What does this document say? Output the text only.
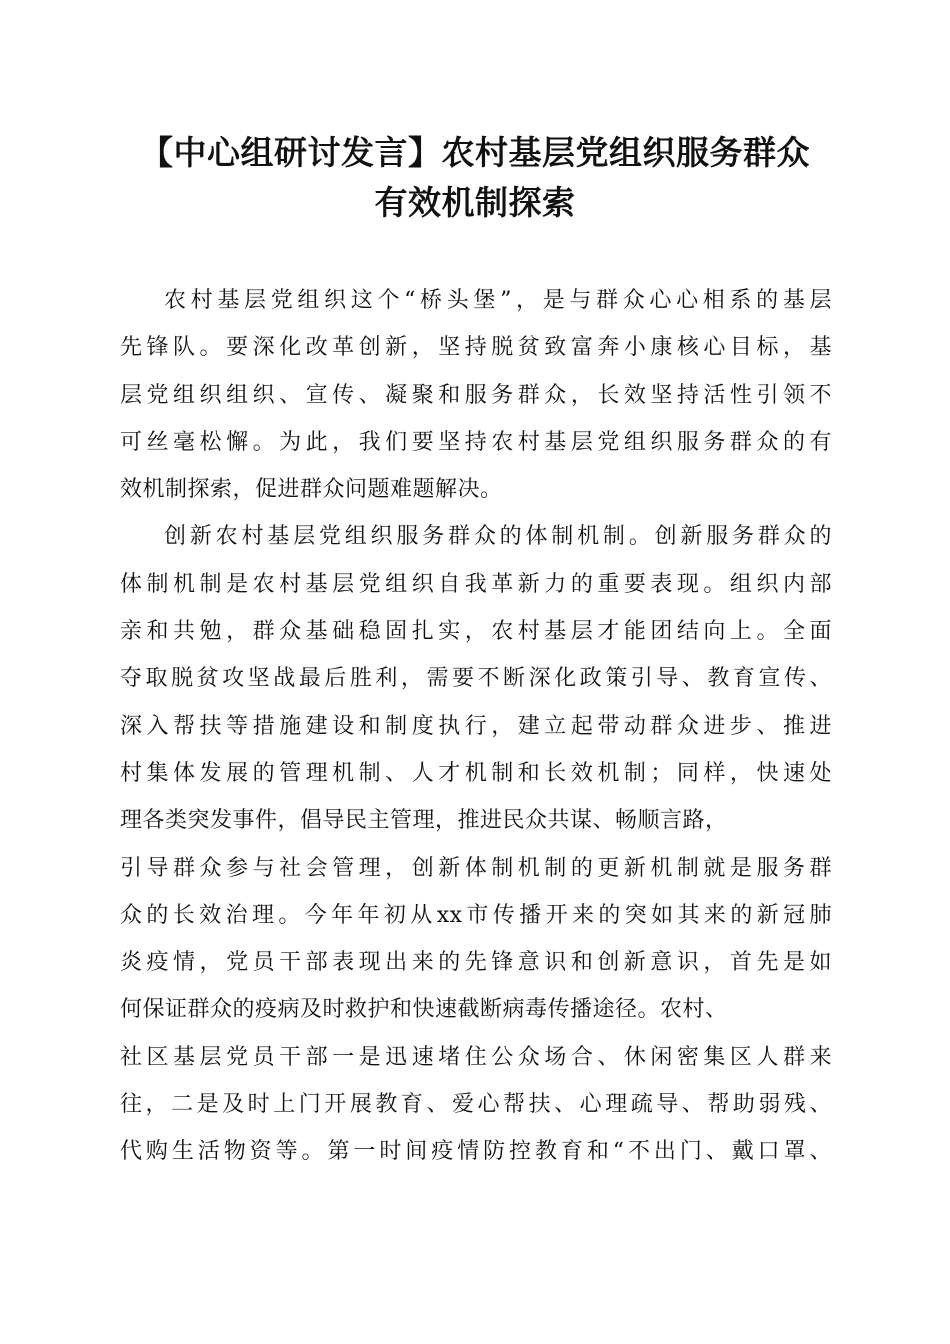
【中心组研讨发言】农村基层党组织服务群众
有效机制探索
农村基层党组织这个“桥头堡”，是与群众心心相系的基层
先锋队。要深化改革创新，坚持脱贫致富奔小康核心目标，基
层党组织组织、宣传、凝聚和服务群众，长效坚持活性引领不
可丝毫松懈。为此，我们要坚持农村基层党组织服务群众的有
效机制探索，促进群众问题难题解决。
创新农村基层党组织服务群众的体制机制。创新服务群众的
体制机制是农村基层党组织自我革新力的重要表现。组织内部
亲和共勉，群众基础稳固扎实，农村基层才能团结向上。全面
夺取脱贫攻坚战最后胜利，需要不断深化政策引导、教育宣传、
深入帮扶等措施建设和制度执行，建立起带动群众进步、推进
村集体发展的管理机制、人才机制和长效机制；同样，快速处
理各类突发事件，倡导民主管理，推进民众共谋、畅顺言路，
引导群众参与社会管理，创新体制机制的更新机制就是服务群
众的长效治理。今年年初从xx市传播开来的突如其来的新冠肺
炎疫情，党员干部表现出来的先锋意识和创新意识，首先是如
何保证群众的疫病及时救护和快速截断病毒传播途径。农村、
社区基层党员干部一是迅速堵住公众场合、休闲密集区人群来
往，二是及时上门开展教育、爱心帮扶、心理疏导、帮助弱残、
代购生活物资等。第一时间疫情防控教育和“不出门、戴口罩、
